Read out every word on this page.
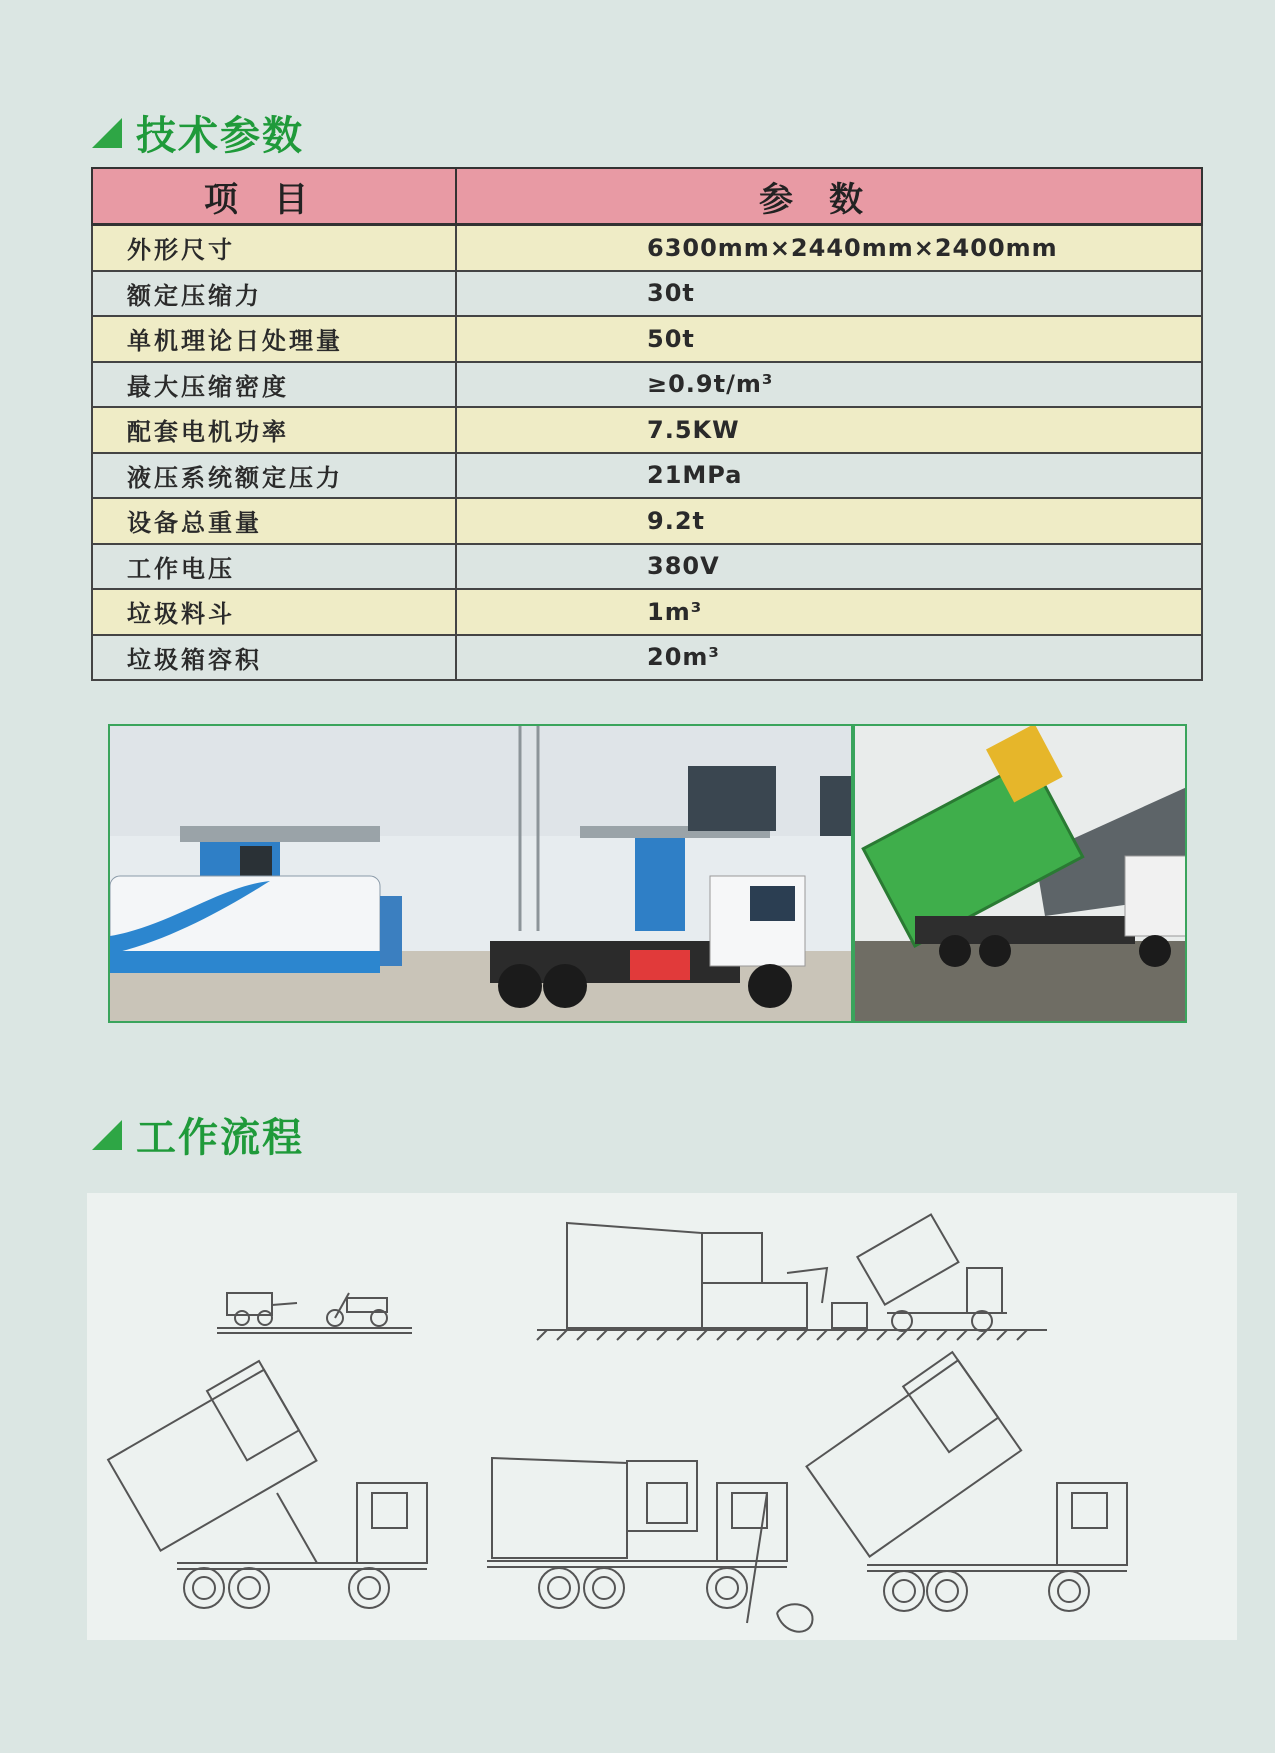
技术参数
项目	参数
外形尺寸	6300mm×2440mm×2400mm
额定压缩力	30t
单机理论日处理量	50t
最大压缩密度	≥0.9t/m³
配套电机功率	7.5KW
液压系统额定压力	21MPa
设备总重量	9.2t
工作电压	380V
垃圾料斗	1m³
垃圾箱容积	20m³
工作流程
